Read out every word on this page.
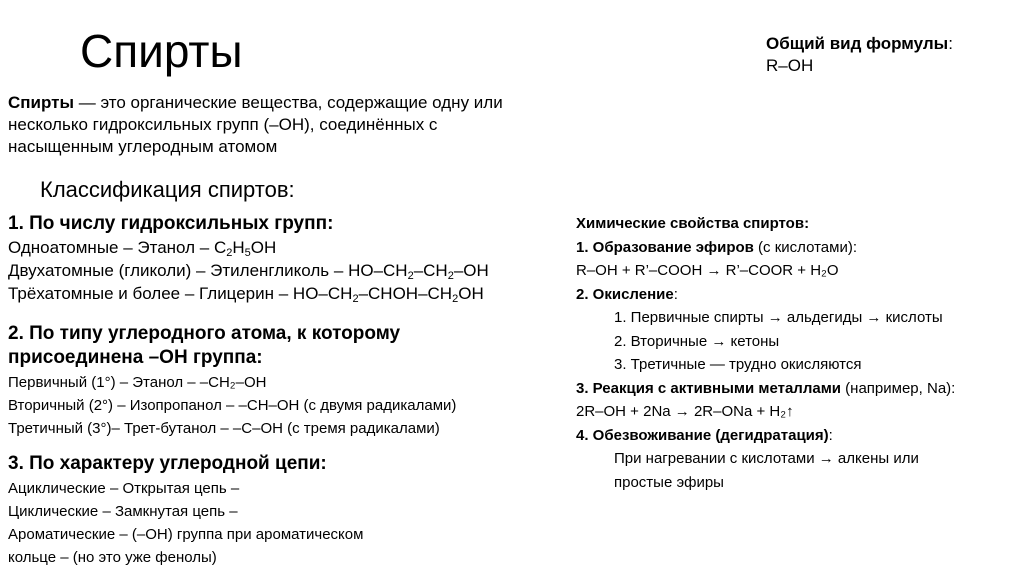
Спирты	Общий вид формулы:
R–OH
Спирты — это органические вещества, содержащие одну или несколько гидроксильных групп (–OH), соединённых с насыщенным углеродным атомом
Классификация спиртов:
1. По числу гидроксильных групп:
Одноатомные – Этанол – $C_2H_5OH$
Двухатомные (гликоли) – Этиленгликоль – $HO-CH_2-CH_2-OH$
Трёхатомные и более – Глицерин – $HO-CH_2-CHOH-CH_2OH$
2. По типу углеродного атома, к которому
присоединена –OH группа:
Первичный (1°) – Этанол – –CH₂–OH
Вторичный (2°) – Изопропанол – –CH–OH (с двумя радикалами)
Третичный (3°)– Трет-бутанол – –C–OH (с тремя радикалами)
3. По характеру углеродной цепи:
Ациклические – Открытая цепь –
Циклические – Замкнутая цепь –
Ароматические – (–OH) группа при ароматическом
кольце – (но это уже фенолы)
Химические свойства спиртов:
1. Образование эфиров (с кислотами):
R–OH + R’–COOH → R’–COOR + H₂O
2. Окисление:
1. Первичные спирты → альдегиды → кислоты
2. Вторичные → кетоны
3. Третичные — трудно окисляются
3. Реакция с активными металлами (например, Na):
2R–OH + 2Na → 2R–ONa + H₂↑
4. Обезвоживание (дегидратация):
При нагревании с кислотами → алкены или
простые эфиры
